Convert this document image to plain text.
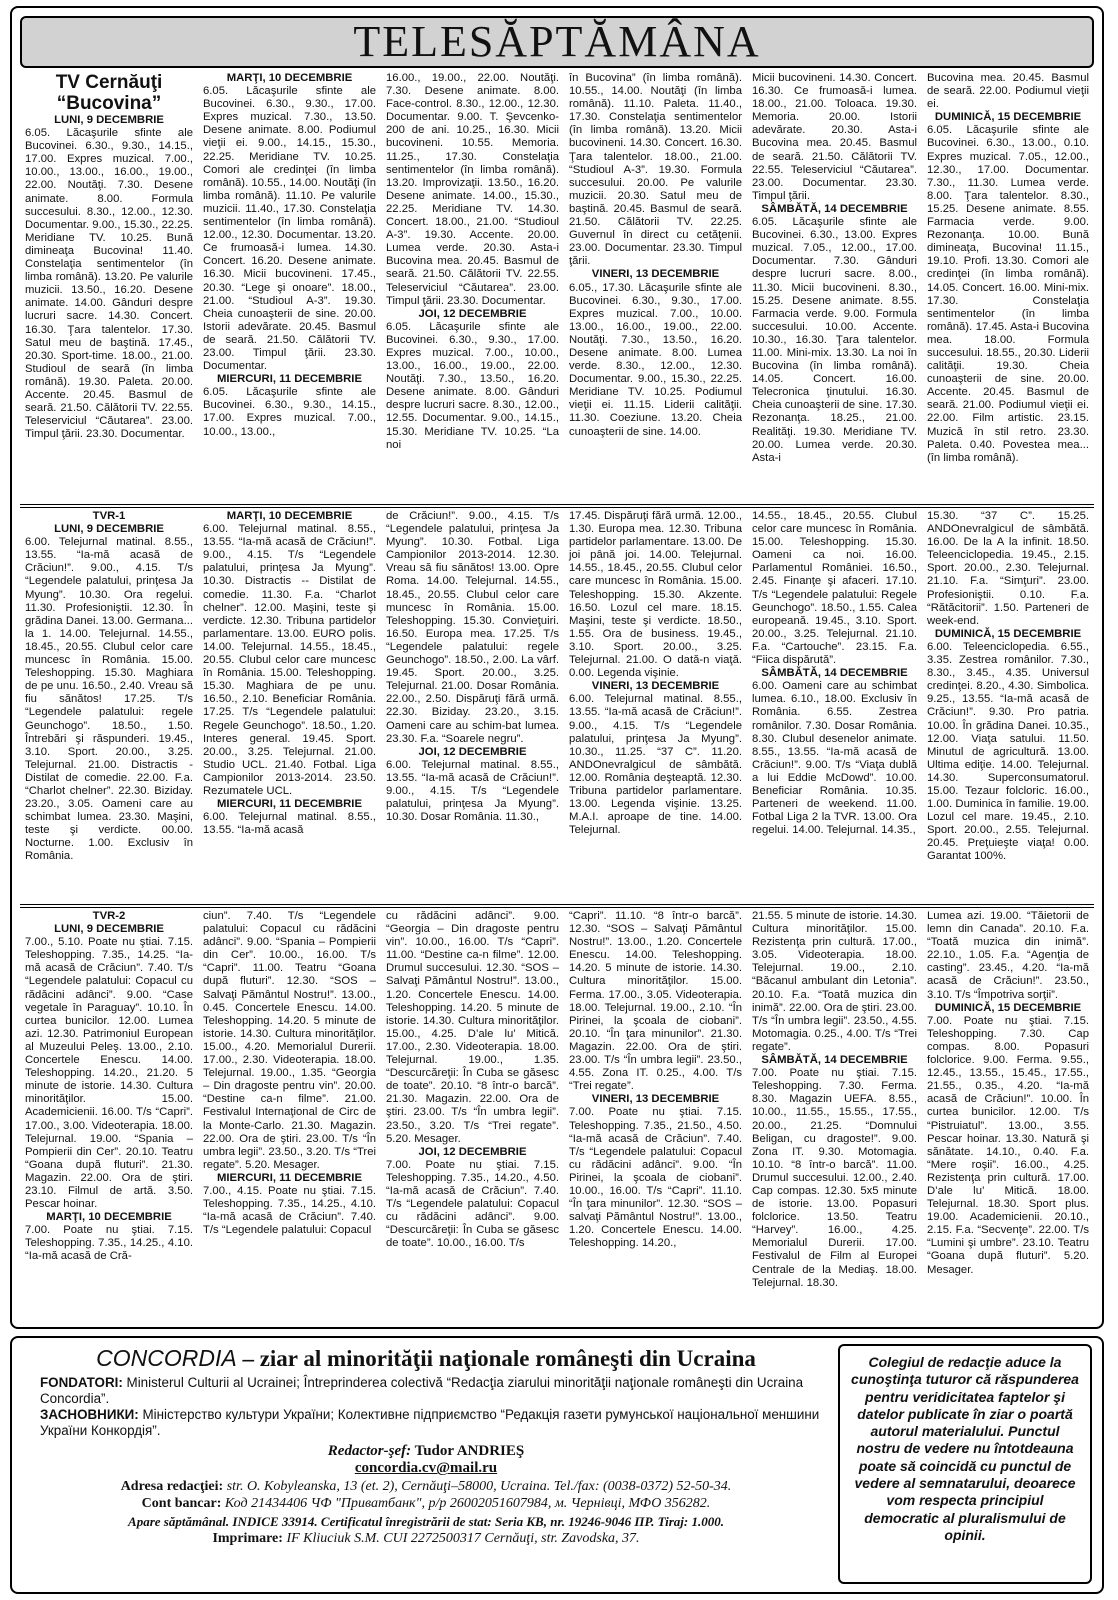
TELESĂPTĂMÂNA
TV Cernăuţi
“Bucovina”
LUNI, 9 DECEMBRIE
6.05. Lăcaşurile sfinte ale Bucovinei. 6.30., 9.30., 14.15., 17.00. Expres muzical. 7.00., 10.00., 13.00., 16.00., 19.00., 22.00. Noutăţi. 7.30. Desene animate. 8.00. Formula succesului. 8.30., 12.00., 12.30. Documentar. 9.00., 15.30., 22.25. Meridiane TV. 10.25. Bună dimineaţa Bucovina! 11.40. Constelaţia sentimentelor (în limba română). 13.20. Pe valurile muzicii. 13.50., 16.20. Desene animate. 14.00. Gânduri despre lucruri sacre. 14.30. Concert. 16.30. Ţara talentelor. 17.30. Satul meu de baştină. 17.45., 20.30. Sport-time. 18.00., 21.00. Studioul de seară (în limba română). 19.30. Paleta. 20.00. Accente. 20.45. Basmul de seară. 21.50. Călătorii TV. 22.55. Teleserviciul “Căutarea”. 23.00. Timpul ţării. 23.30. Documentar.
MARŢI, 10 DECEMBRIE
6.05. Lăcaşurile sfinte ale Bucovinei. 6.30., 9.30., 17.00. Expres muzical. 7.30., 13.50. Desene animate. 8.00. Podiumul vieţii ei. 9.00., 14.15., 15.30., 22.25. Meridiane TV. 10.25. Comori ale credinţei (în limba română). 10.55., 14.00. Noutăţi (în limba română). 11.10. Pe valurile muzicii. 11.40., 17.30. Constelaţia sentimentelor (în limba română). 12.00., 12.30. Documentar. 13.20. Ce frumoasă-i lumea. 14.30. Concert. 16.20. Desene animate. 16.30. Micii bucovineni. 17.45., 20.30. “Lege şi onoare”. 18.00., 21.00. “Studioul A-3”. 19.30. Cheia cunoaşterii de sine. 20.00. Istorii adevărate. 20.45. Basmul de seară. 21.50. Călătorii TV. 23.00. Timpul ţării. 23.30. Documentar.
MIERCURI, 11 DECEMBRIE
6.05. Lăcaşurile sfinte ale Bucovinei. 6.30., 9.30., 14.15., 17.00. Expres muzical. 7.00., 10.00., 13.00.,
16.00., 19.00., 22.00. Noutăţi. 7.30. Desene animate. 8.00. Face-control. 8.30., 12.00., 12.30. Documentar. 9.00. T. Şevcenko-200 de ani. 10.25., 16.30. Micii bucovineni. 10.55. Memoria. 11.25., 17.30. Constelaţia sentimentelor (în limba română). 13.20. Improvizaţii. 13.50., 16.20. Desene animate. 14.00., 15.30., 22.25. Meridiane TV. 14.30. Concert. 18.00., 21.00. “Studioul A-3”. 19.30. Accente. 20.00. Lumea verde. 20.30. Asta-i Bucovina mea. 20.45. Basmul de seară. 21.50. Călătorii TV. 22.55. Teleserviciul “Căutarea”. 23.00. Timpul ţării. 23.30. Documentar.
JOI, 12 DECEMBRIE
6.05. Lăcaşurile sfinte ale Bucovinei. 6.30., 9.30., 17.00. Expres muzical. 7.00., 10.00., 13.00., 16.00., 19.00., 22.00. Noutăţi. 7.30., 13.50., 16.20. Desene animate. 8.00. Gânduri despre lucruri sacre. 8.30., 12.00., 12.55. Documentar. 9.00., 14.15., 15.30. Meridiane TV. 10.25. “La noi
în Bucovina” (în limba română). 10.55., 14.00. Noutăţi (în limba română). 11.10. Paleta. 11.40., 17.30. Constelaţia sentimentelor (în limba română). 13.20. Micii bucovineni. 14.30. Concert. 16.30. Ţara talentelor. 18.00., 21.00. “Studioul A-3”. 19.30. Formula succesului. 20.00. Pe valurile muzicii. 20.30. Satul meu de baştină. 20.45. Basmul de seară. 21.50. Călătorii TV. 22.25. Guvernul în direct cu cetăţenii. 23.00. Documentar. 23.30. Timpul ţării.
VINERI, 13 DECEMBRIE
6.05., 17.30. Lăcaşurile sfinte ale Bucovinei. 6.30., 9.30., 17.00. Expres muzical. 7.00., 10.00. 13.00., 16.00., 19.00., 22.00. Noutăţi. 7.30., 13.50., 16.20. Desene animate. 8.00. Lumea verde. 8.30., 12.00., 12.30. Documentar. 9.00., 15.30., 22.25. Meridiane TV. 10.25. Podiumul vieţii ei. 11.15. Liderii calităţii. 11.30. Coeziune. 13.20. Cheia cunoaşterii de sine. 14.00.
Micii bucovineni. 14.30. Concert. 16.30. Ce frumoasă-i lumea. 18.00., 21.00. Toloaca. 19.30. Memoria. 20.00. Istorii adevărate. 20.30. Asta-i Bucovina mea. 20.45. Basmul de seară. 21.50. Călătorii TV. 22.55. Teleserviciul “Căutarea”. 23.00. Documentar. 23.30. Timpul ţării.
SÂMBĂTĂ, 14 DECEMBRIE
6.05. Lăcaşurile sfinte ale Bucovinei. 6.30., 13.00. Expres muzical. 7.05., 12.00., 17.00. Documentar. 7.30. Gânduri despre lucruri sacre. 8.00., 11.30. Micii bucovineni. 8.30., 15.25. Desene animate. 8.55. Farmacia verde. 9.00. Formula succesului. 10.00. Accente. 10.30., 16.30. Ţara talentelor. 11.00. Mini-mix. 13.30. La noi în Bucovina (în limba română). 14.05. Concert. 16.00. Telecronica ţinutului. 16.30. Cheia cunoaşterii de sine. 17.30. Rezonanţa. 18.25., 21.00. Realităţi. 19.30. Meridiane TV. 20.00. Lumea verde. 20.30. Asta-i
Bucovina mea. 20.45. Basmul de seară. 22.00. Podiumul vieţii ei.
DUMINICĂ, 15 DECEMBRIE
6.05. Lăcaşurile sfinte ale Bucovinei. 6.30., 13.00., 0.10. Expres muzical. 7.05., 12.00., 12.30., 17.00. Documentar. 7.30., 11.30. Lumea verde. 8.00. Ţara talentelor. 8.30., 15.25. Desene animate. 8.55. Farmacia verde. 9.00. Rezonanţa. 10.00. Bună dimineaţa, Bucovina! 11.15., 19.10. Profi. 13.30. Comori ale credinţei (în limba română). 14.05. Concert. 16.00. Mini-mix. 17.30. Constelaţia sentimentelor (în limba română). 17.45. Asta-i Bucovina mea. 18.00. Formula succesului. 18.55., 20.30. Liderii calităţii. 19.30. Cheia cunoaşterii de sine. 20.00. Accente. 20.45. Basmul de seară. 21.00. Podiumul vieţii ei. 22.00. Film artistic. 23.15. Muzică în stil retro. 23.30. Paleta. 0.40. Povestea mea... (în limba română).
TVR-1
LUNI, 9 DECEMBRIE
6.00. Telejurnal matinal. 8.55., 13.55. “Ia-mă acasă de Crăciun!”. 9.00., 4.15. T/s “Legendele palatului, prinţesa Ja Myung”. 10.30. Ora regelui. 11.30. Profesioniştii. 12.30. În grădina Danei. 13.00. Germana... la 1. 14.00. Telejurnal. 14.55., 18.45., 20.55. Clubul celor care muncesc în România. 15.00. Teleshopping. 15.30. Maghiara de pe unu. 16.50., 2.40. Vreau să fiu sănătos! 17.25. T/s “Legendele palatului: regele Geunchogo”. 18.50., 1.50. Întrebări şi răspunderi. 19.45., 3.10. Sport. 20.00., 3.25. Telejurnal. 21.00. Distractis - Distilat de comedie. 22.00. F.a. “Charlot chelner”. 22.30. Biziday. 23.20., 3.05. Oameni care au schimbat lumea. 23.30. Maşini, teste şi verdicte. 00.00. Nocturne. 1.00. Exclusiv în România.
MARŢI, 10 DECEMBRIE
6.00. Telejurnal matinal. 8.55., 13.55. “Ia-mă acasă de Crăciun!”. 9.00., 4.15. T/s “Legendele palatului, prinţesa Ja Myung”. 10.30. Distractis -- Distilat de comedie. 11.30. F.a. “Charlot chelner”. 12.00. Maşini, teste şi verdicte. 12.30. Tribuna partidelor parlamentare. 13.00. EURO polis. 14.00. Telejurnal. 14.55., 18.45., 20.55. Clubul celor care muncesc în România. 15.00. Teleshopping. 15.30. Maghiara de pe unu. 16.50., 2.10. Beneficiar România. 17.25. T/s “Legendele palatului: Regele Geunchogo”. 18.50., 1.20. Interes general. 19.45. Sport. 20.00., 3.25. Telejurnal. 21.00. Studio UCL. 21.40. Fotbal. Liga Campionilor 2013-2014. 23.50. Rezumatele UCL.
MIERCURI, 11 DECEMBRIE
6.00. Telejurnal matinal. 8.55., 13.55. “Ia-mă acasă
de Crăciun!”. 9.00., 4.15. T/s “Legendele palatului, prinţesa Ja Myung”. 10.30. Fotbal. Liga Campionilor 2013-2014. 12.30. Vreau să fiu sănătos! 13.00. Opre Roma. 14.00. Telejurnal. 14.55., 18.45., 20.55. Clubul celor care muncesc în România. 15.00. Teleshopping. 15.30. Convieţuiri. 16.50. Europa mea. 17.25. T/s “Legendele palatului: regele Geunchogo”. 18.50., 2.00. La vârf. 19.45. Sport. 20.00., 3.25. Telejurnal. 21.00. Dosar România. 22.00., 2.50. Dispăruţi fără urmă. 22.30. Biziday. 23.20., 3.15. Oameni care au schim-bat lumea. 23.30. F.a. “Soarele negru”.
JOI, 12 DECEMBRIE
6.00. Telejurnal matinal. 8.55., 13.55. “Ia-mă acasă de Crăciun!”. 9.00., 4.15. T/s “Legendele palatului, prinţesa Ja Myung”. 10.30. Dosar România. 11.30.,
17.45. Dispăruţi fără urmă. 12.00., 1.30. Europa mea. 12.30. Tribuna partidelor parlamentare. 13.00. De joi până joi. 14.00. Telejurnal. 14.55., 18.45., 20.55. Clubul celor care muncesc în România. 15.00. Teleshopping. 15.30. Akzente. 16.50. Lozul cel mare. 18.15. Maşini, teste şi verdicte. 18.50., 1.55. Ora de business. 19.45., 3.10. Sport. 20.00., 3.25. Telejurnal. 21.00. O dată-n viaţă. 0.00. Legenda vişinie.
VINERI, 13 DECEMBRIE
6.00. Telejurnal matinal. 8.55., 13.55. “Ia-mă acasă de Crăciun!”. 9.00., 4.15. T/s “Legendele palatului, prinţesa Ja Myung”. 10.30., 11.25. “37 C”. 11.20. ANDOnevralgicul de sâmbătă. 12.00. România deşteaptă. 12.30. Tribuna partidelor parlamentare. 13.00. Legenda vişinie. 13.25. M.A.I. aproape de tine. 14.00. Telejurnal.
14.55., 18.45., 20.55. Clubul celor care muncesc în România. 15.00. Teleshopping. 15.30. Oameni ca noi. 16.00. Parlamentul României. 16.50., 2.45. Finanţe şi afaceri. 17.10. T/s “Legendele palatului: Regele Geunchogo”. 18.50., 1.55. Calea europeană. 19.45., 3.10. Sport. 20.00., 3.25. Telejurnal. 21.10. F.a. “Cartouche”. 23.15. F.a. “Fiica dispărută”.
SÂMBĂTĂ, 14 DECEMBRIE
6.00. Oameni care au schimbat lumea. 6.10., 18.00. Exclusiv în România. 6.55. Zestrea românilor. 7.30. Dosar România. 8.30. Clubul desenelor animate. 8.55., 13.55. “Ia-mă acasă de Crăciun!”. 9.00. T/s “Viaţa dublă a lui Eddie McDowd”. 10.00. Beneficiar România. 10.35. Parteneri de weekend. 11.00. Fotbal Liga 2 la TVR. 13.00. Ora regelui. 14.00. Telejurnal. 14.35.,
15.30. “37 C”. 15.25. ANDOnevralgicul de sâmbătă. 16.00. De la A la infinit. 18.50. Teleenciclopedia. 19.45., 2.15. Sport. 20.00., 2.30. Telejurnal. 21.10. F.a. “Simţuri”. 23.00. Profesioniştii. 0.10. F.a. “Rătăcitorii”. 1.50. Parteneri de week-end.
DUMINICĂ, 15 DECEMBRIE
6.00. Teleenciclopedia. 6.55., 3.35. Zestrea românilor. 7.30., 8.30., 3.45., 4.35. Universul credinţei. 8.20., 4.30. Simbolica. 9.25., 13.55. “Ia-mă acasă de Crăciun!”. 9.30. Pro patria. 10.00. În grădina Danei. 10.35., 12.00. Viaţa satului. 11.50. Minutul de agricultură. 13.00. Ultima ediţie. 14.00. Telejurnal. 14.30. Superconsumatorul. 15.00. Tezaur folcloric. 16.00., 1.00. Duminica în familie. 19.00. Lozul cel mare. 19.45., 2.10. Sport. 20.00., 2.55. Telejurnal. 20.45. Preţuieşte viaţa! 0.00. Garantat 100%.
TVR-2
LUNI, 9 DECEMBRIE
7.00., 5.10. Poate nu ştiai. 7.15. Teleshopping. 7.35., 14.25. “Ia-mă acasă de Crăciun”. 7.40. T/s “Legendele palatului: Copacul cu rădăcini adânci”. 9.00. “Case vegetale în Paraguay”. 10.10. În curtea bunicilor. 12.00. Lumea azi. 12.30. Patrimoniul European al Muzeului Peleş. 13.00., 2.10. Concertele Enescu. 14.00. Teleshopping. 14.20., 21.20. 5 minute de istorie. 14.30. Cultura minorităţilor. 15.00. Academicienii. 16.00. T/s “Capri”. 17.00., 3.00. Videoterapia. 18.00. Telejurnal. 19.00. “Spania – Pompierii din Cer”. 20.10. Teatru “Goana după fluturi”. 21.30. Magazin. 22.00. Ora de ştiri. 23.10. Filmul de artă. 3.50. Pescar hoinar.
MARŢI, 10 DECEMBRIE
7.00. Poate nu ştiai. 7.15. Teleshopping. 7.35., 14.25., 4.10. “Ia-mă acasă de Cră-
ciun”. 7.40. T/s “Legendele palatului: Copacul cu rădăcini adânci”. 9.00. “Spania – Pompierii din Cer”. 10.00., 16.00. T/s “Capri”. 11.00. Teatru “Goana după fluturi”. 12.30. “SOS – Salvaţi Pământul Nostru!”. 13.00., 0.45. Concertele Enescu. 14.00. Teleshopping. 14.20. 5 minute de istorie. 14.30. Cultura minorităţilor. 15.00., 4.20. Memorialul Durerii. 17.00., 2.30. Videoterapia. 18.00. Telejurnal. 19.00., 1.35. “Georgia – Din dragoste pentru vin”. 20.00. “Destine ca-n filme”. 21.00. Festivalul Internaţional de Circ de la Monte-Carlo. 21.30. Magazin. 22.00. Ora de ştiri. 23.00. T/s “În umbra legii”. 23.50., 3.20. T/s “Trei regate”. 5.20. Mesager.
MIERCURI, 11 DECEMBRIE
7.00., 4.15. Poate nu ştiai. 7.15. Teleshopping. 7.35., 14.25., 4.10. “Ia-mă acasă de Crăciun”. 7.40. T/s “Legendele palatului: Copacul
cu rădăcini adânci”. 9.00. “Georgia – Din dragoste pentru vin”. 10.00., 16.00. T/s “Capri”. 11.00. “Destine ca-n filme”. 12.00. Drumul succesului. 12.30. “SOS – Salvaţi Pământul Nostru!”. 13.00., 1.20. Concertele Enescu. 14.00. Teleshopping. 14.20. 5 minute de istorie. 14.30. Cultura minorităţilor. 15.00., 4.25. D’ale lu’ Mitică. 17.00., 2.30. Videoterapia. 18.00. Telejurnal. 19.00., 1.35. “Descurcăreţii: În Cuba se găsesc de toate”. 20.10. “8 într-o barcă”. 21.30. Magazin. 22.00. Ora de ştiri. 23.00. T/s “În umbra legii”. 23.50., 3.20. T/s “Trei regate”. 5.20. Mesager.
JOI, 12 DECEMBRIE
7.00. Poate nu ştiai. 7.15. Teleshopping. 7.35., 14.20., 4.50. “Ia-mă acasă de Crăciun”. 7.40. T/s “Legendele palatului: Copacul cu rădăcini adânci”. 9.00. “Descurcăreţii: În Cuba se găsesc de toate”. 10.00., 16.00. T/s
“Capri”. 11.10. “8 într-o barcă”. 12.30. “SOS – Salvaţi Pământul Nostru!”. 13.00., 1.20. Concertele Enescu. 14.00. Teleshopping. 14.20. 5 minute de istorie. 14.30. Cultura minorităţilor. 15.00. Ferma. 17.00., 3.05. Videoterapia. 18.00. Telejurnal. 19.00., 2.10. “În Pirinei, la şcoala de ciobani”. 20.10. “În ţara minunilor”. 21.30. Magazin. 22.00. Ora de ştiri. 23.00. T/s “În umbra legii”. 23.50., 4.55. Zona IT. 0.25., 4.00. T/s “Trei regate”.
VINERI, 13 DECEMBRIE
7.00. Poate nu ştiai. 7.15. Teleshopping. 7.35., 21.50., 4.50. “Ia-mă acasă de Crăciun”. 7.40. T/s “Legendele palatului: Copacul cu rădăcini adânci”. 9.00. “În Pirinei, la şcoala de ciobani”. 10.00., 16.00. T/s “Capri”. 11.10. “În ţara minunilor”. 12.30. “SOS – salvaţi Pământul Nostru!”. 13.00., 1.20. Concertele Enescu. 14.00. Teleshopping. 14.20.,
21.55. 5 minute de istorie. 14.30. Cultura minorităţilor. 15.00. Rezistenţa prin cultură. 17.00., 3.05. Videoterapia. 18.00. Telejurnal. 19.00., 2.10. “Băcanul ambulant din Letonia”. 20.10. F.a. “Toată muzica din inimă”. 22.00. Ora de ştiri. 23.00. T/s “În umbra legii”. 23.50., 4.55. Motomagia. 0.25., 4.00. T/s “Trei regate”.
SÂMBĂTĂ, 14 DECEMBRIE
7.00. Poate nu ştiai. 7.15. Teleshopping. 7.30. Ferma. 8.30. Magazin UEFA. 8.55., 10.00., 11.55., 15.55., 17.55., 20.00., 21.25. “Domnului Beligan, cu dragoste!”. 9.00. Zona IT. 9.30. Motomagia. 10.10. “8 într-o barcă”. 11.00. Drumul succesului. 12.00., 2.40. Cap compas. 12.30. 5x5 minute de istorie. 13.00. Popasuri folclorice. 13.50. Teatru “Harvey”. 16.00., 4.25. Memorialul Durerii. 17.00. Festivalul de Film al Europei Centrale de la Mediaş. 18.00. Telejurnal. 18.30.
Lumea azi. 19.00. “Tăietorii de lemn din Canada”. 20.10. F.a. “Toată muzica din inimă”. 22.10., 1.05. F.a. “Agenţia de casting”. 23.45., 4.20. “Ia-mă acasă de Crăciun!”. 23.50., 3.10. T/s “Împotriva sorţii”.
DUMINICĂ, 15 DECEMBRIE
7.00. Poate nu ştiai. 7.15. Teleshopping. 7.30. Cap compas. 8.00. Popasuri folclorice. 9.00. Ferma. 9.55., 12.45., 13.55., 15.45., 17.55., 21.55., 0.35., 4.20. “Ia-mă acasă de Crăciun!”. 10.00. În curtea bunicilor. 12.00. T/s “Pistruiatul”. 13.00., 3.55. Pescar hoinar. 13.30. Natură şi sănătate. 14.10., 0.40. F.a. “Mere roşii”. 16.00., 4.25. Rezistenţa prin cultură. 17.00. D’ale lu’ Mitică. 18.00. Telejurnal. 18.30. Sport plus. 19.00. Academicienii. 20.10., 2.15. F.a. “Secvenţe”. 22.00. T/s “Lumini şi umbre”. 23.10. Teatru “Goana după fluturi”. 5.20. Mesager.

CONCORDIA – ziar al minorităţii naţionale româneşti din Ucraina

FONDATORI: Ministerul Culturii al Ucrainei; Întreprinderea colectivă “Redacţia ziarului minorităţii naţionale româneşti din Ucraina Concordia”.

ЗАСНОВНИКИ: Міністерство культури України; Колективне підприємство “Редакція газети румунської національної меншини України Конкордія”.

Redactor-şef: Tudor ANDRIEŞ

concordia.cv@mail.ru

Adresa redacţiei: str. O. Kobyleanska, 13 (et. 2), Cernăuţi–58000, Ucraina. Tel./fax: (0038-0372) 52-50-34.

Cont bancar: Код 21434406 ЧФ "Приватбанк", р/р 26002051607984, м. Чернівці, МФО 356282.

Apare săptămânal. INDICE 33914. Certificatul înregistrării de stat: Seria KB, nr. 19246-9046 ПР. Tiraj: 1.000.

Imprimare: IF Kliuciuk S.M. CUI 2272500317 Cernăuţi, str. Zavodska, 37.

Colegiul de redacţie aduce la cunoştinţa tuturor că răspunderea pentru veridicitatea faptelor şi datelor publicate în ziar o poartă autorul materialului. Punctul nostru de vedere nu întotdeauna poate să coincidă cu punctul de vedere al semnatarului, deoarece vom respecta principiul democratic al pluralismului de opinii.
